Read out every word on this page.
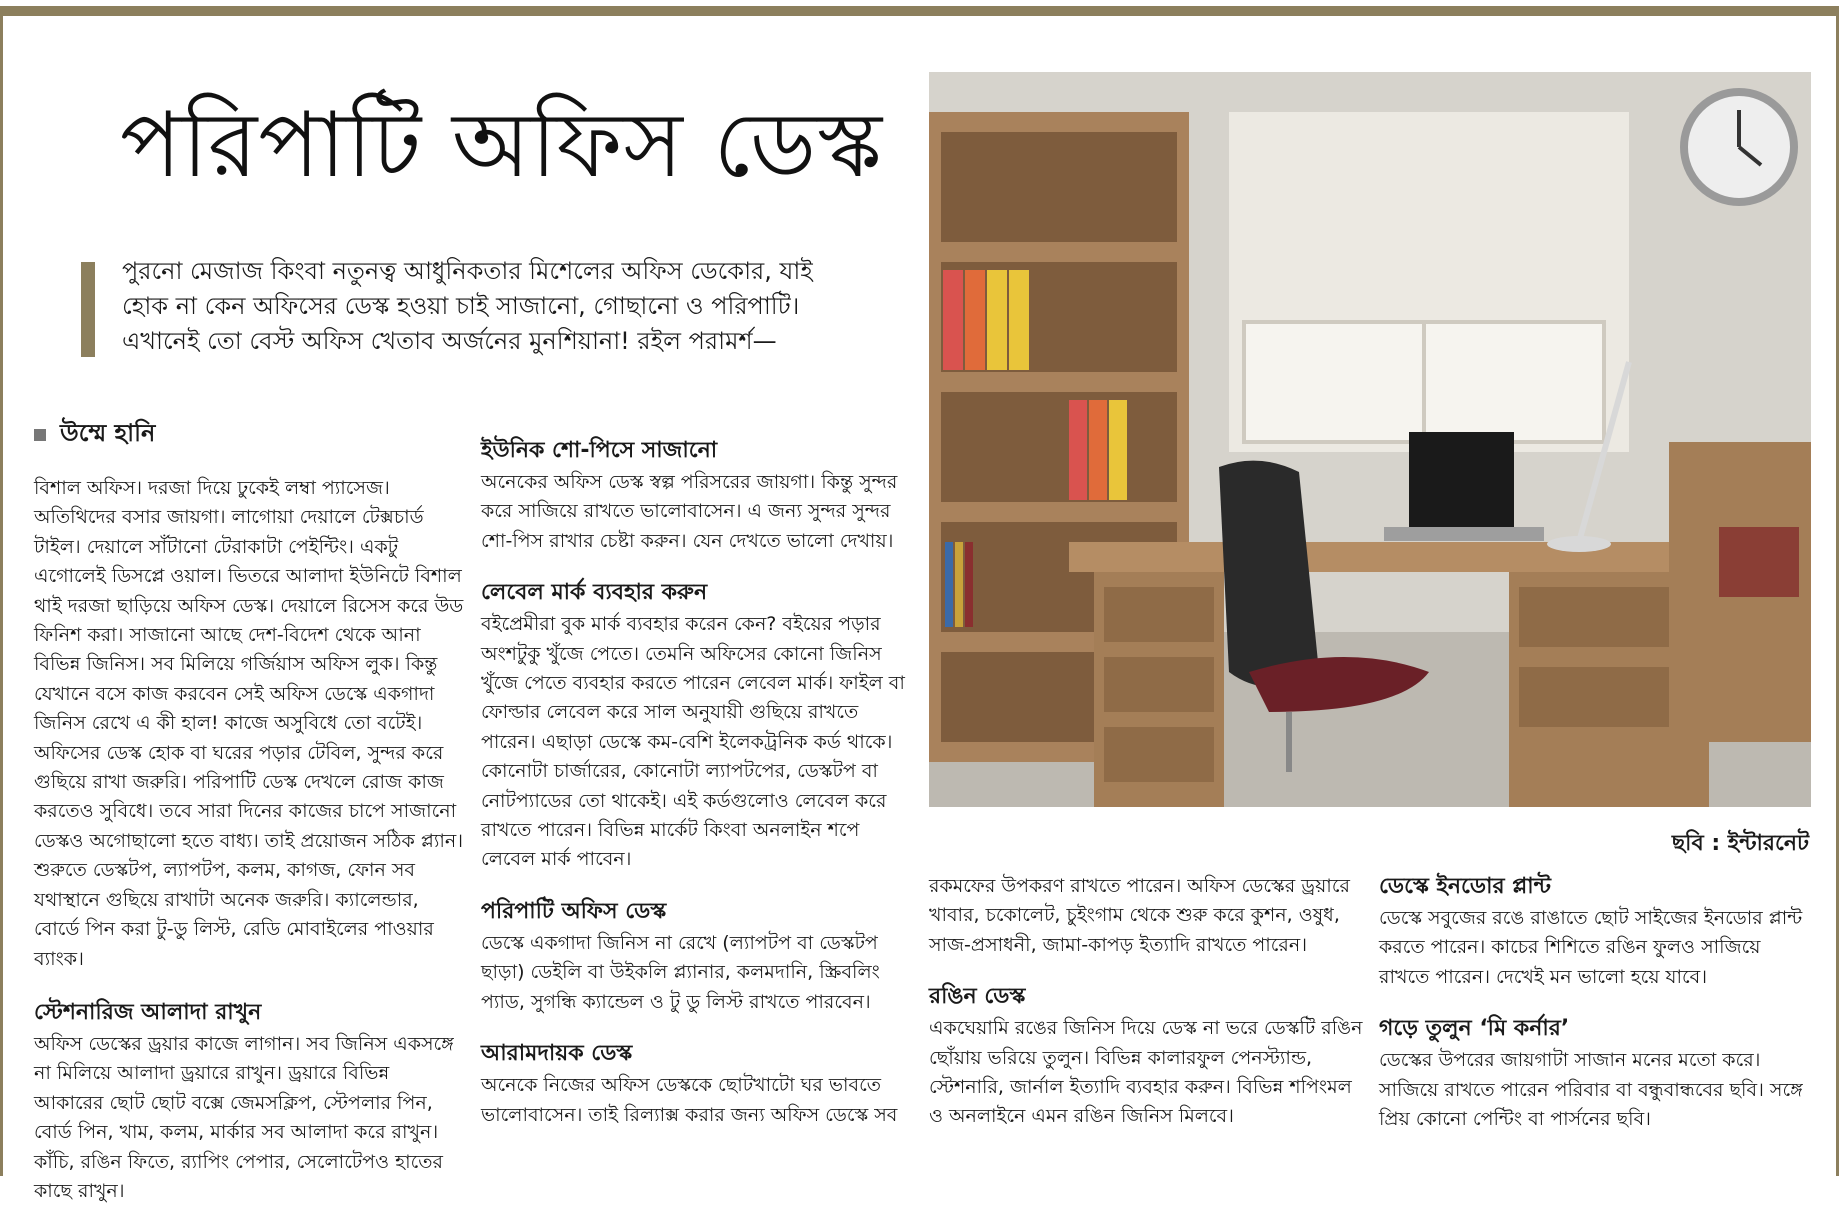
পরিপাটি অফিস ডেস্ক

পুরনো মেজাজ কিংবা নতুনত্ব আধুনিকতার মিশেলের অফিস ডেকোর, যাই হোক না কেন অফিসের ডেস্ক হওয়া চাই সাজানো, গোছানো ও পরিপাটি। এখানেই তো বেস্ট অফিস খেতাব অর্জনের মুনশিয়ানা! রইল পরামর্শ—

উম্মে হানি

বিশাল অফিস। দরজা দিয়ে ঢুকেই লম্বা প্যাসেজ। অতিথিদের বসার জায়গা। লাগোয়া দেয়ালে টেক্সচার্ড টাইল। দেয়ালে সাঁটানো টেরাকাটা পেইন্টিং। একটু এগোলেই ডিসপ্লে ওয়াল। ভিতরে আলাদা ইউনিটে বিশাল থাই দরজা ছাড়িয়ে অফিস ডেস্ক। দেয়ালে রিসেস করে উড ফিনিশ করা। সাজানো আছে দেশ-বিদেশ থেকে আনা বিভিন্ন জিনিস। সব মিলিয়ে গর্জিয়াস অফিস লুক। কিন্তু যেখানে বসে কাজ করবেন সেই অফিস ডেস্কে একগাদা জিনিস রেখে এ কী হাল! কাজে অসুবিধে তো বটেই। অফিসের ডেস্ক হোক বা ঘরের পড়ার টেবিল, সুন্দর করে গুছিয়ে রাখা জরুরি। পরিপাটি ডেস্ক দেখলে রোজ কাজ করতেও সুবিধে। তবে সারা দিনের কাজের চাপে সাজানো ডেস্কও অগোছালো হতে বাধ্য। তাই প্রয়োজন সঠিক প্ল্যান। শুরুতে ডেস্কটপ, ল্যাপটপ, কলম, কাগজ, ফোন সব যথাস্থানে গুছিয়ে রাখাটা অনেক জরুরি। ক্যালেন্ডার, বোর্ডে পিন করা টু-ডু লিস্ট, রেডি মোবাইলের পাওয়ার ব্যাংক।

স্টেশনারিজ আলাদা রাখুন

অফিস ডেস্কের ড্রয়ার কাজে লাগান। সব জিনিস একসঙ্গে না মিলিয়ে আলাদা ড্রয়ারে রাখুন। ড্রয়ারে বিভিন্ন আকারের ছোট ছোট বক্সে জেমসক্লিপ, স্টেপলার পিন, বোর্ড পিন, খাম, কলম, মার্কার সব আলাদা করে রাখুন। কাঁচি, রঙিন ফিতে, র‍্যাপিং পেপার, সেলোটেপও হাতের কাছে রাখুন।

ইউনিক শো-পিসে সাজানো

অনেকের অফিস ডেস্ক স্বল্প পরিসরের জায়গা। কিন্তু সুন্দর করে সাজিয়ে রাখতে ভালোবাসেন। এ জন্য সুন্দর সুন্দর শো-পিস রাখার চেষ্টা করুন। যেন দেখতে ভালো দেখায়।

লেবেল মার্ক ব্যবহার করুন

বইপ্রেমীরা বুক মার্ক ব্যবহার করেন কেন? বইয়ের পড়ার অংশটুকু খুঁজে পেতে। তেমনি অফিসের কোনো জিনিস খুঁজে পেতে ব্যবহার করতে পারেন লেবেল মার্ক। ফাইল বা ফোল্ডার লেবেল করে সাল অনুযায়ী গুছিয়ে রাখতে পারেন। এছাড়া ডেস্কে কম-বেশি ইলেকট্রনিক কর্ড থাকে। কোনোটা চার্জারের, কোনোটা ল্যাপটপের, ডেস্কটপ বা নোটপ্যাডের তো থাকেই। এই কর্ডগুলোও লেবেল করে রাখতে পারেন। বিভিন্ন মার্কেট কিংবা অনলাইন শপে লেবেল মার্ক পাবেন।

পরিপাটি অফিস ডেস্ক

ডেস্কে একগাদা জিনিস না রেখে (ল্যাপটপ বা ডেস্কটপ ছাড়া) ডেইলি বা উইকলি প্ল্যানার, কলমদানি, স্ক্রিবলিং প্যাড, সুগন্ধি ক্যান্ডেল ও টু ডু লিস্ট রাখতে পারবেন।

আরামদায়ক ডেস্ক

অনেকে নিজের অফিস ডেস্ককে ছোটখাটো ঘর ভাবতে ভালোবাসেন। তাই রিল্যাক্স করার জন্য অফিস ডেস্কে সব

ছবি : ইন্টারনেট

রকমফের উপকরণ রাখতে পারেন। অফিস ডেস্কের ড্রয়ারে খাবার, চকোলেট, চুইংগাম থেকে শুরু করে কুশন, ওষুধ, সাজ-প্রসাধনী, জামা-কাপড় ইত্যাদি রাখতে পারেন।

রঙিন ডেস্ক

একঘেয়ামি রঙের জিনিস দিয়ে ডেস্ক না ভরে ডেস্কটি রঙিন ছোঁয়ায় ভরিয়ে তুলুন। বিভিন্ন কালারফুল পেনস্ট্যান্ড, স্টেশনারি, জার্নাল ইত্যাদি ব্যবহার করুন। বিভিন্ন শপিংমল ও অনলাইনে এমন রঙিন জিনিস মিলবে।

ডেস্কে ইনডোর প্লান্ট

ডেস্কে সবুজের রঙে রাঙাতে ছোট সাইজের ইনডোর প্লান্ট করতে পারেন। কাচের শিশিতে রঙিন ফুলও সাজিয়ে রাখতে পারেন। দেখেই মন ভালো হয়ে যাবে।

গড়ে তুলুন ‘মি কর্নার’

ডেস্কের উপরের জায়গাটা সাজান মনের মতো করে। সাজিয়ে রাখতে পারেন পরিবার বা বন্ধুবান্ধবের ছবি। সঙ্গে প্রিয় কোনো পেন্টিং বা পার্সনের ছবি।
